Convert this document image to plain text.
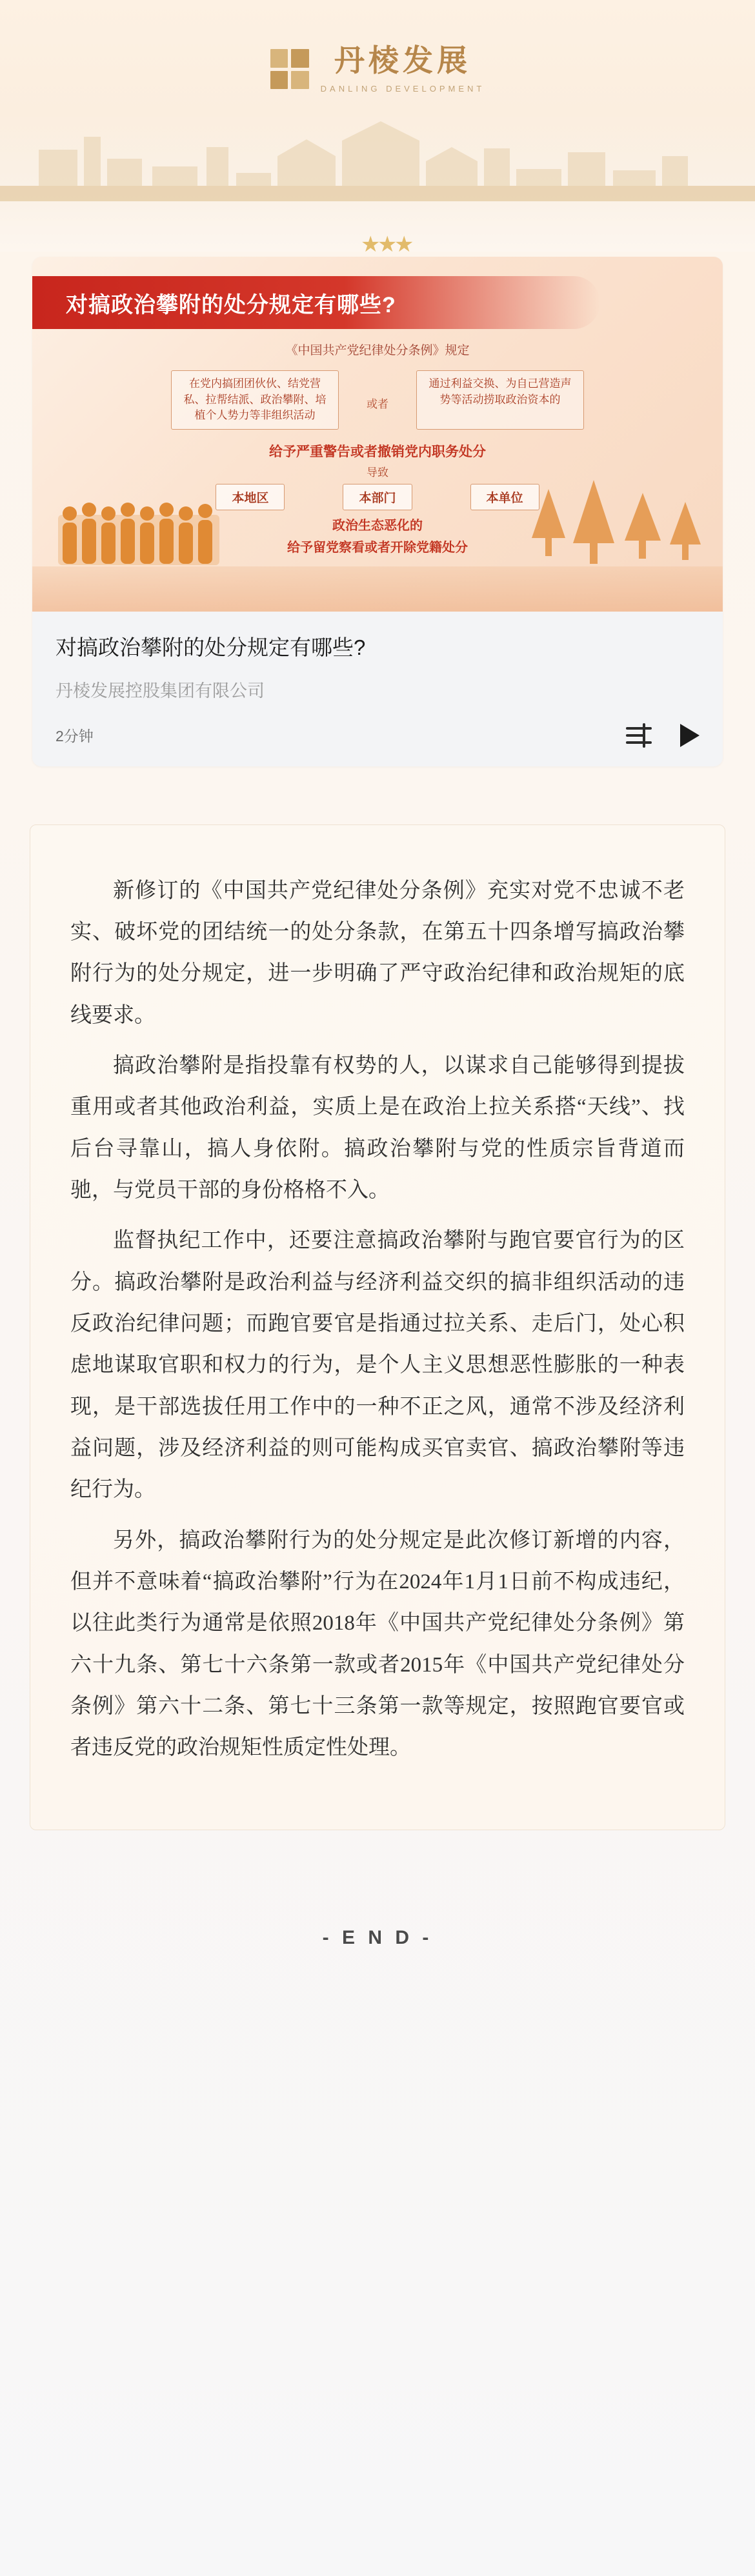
丹棱发展
DANLING DEVELOPMENT
★
★
★
对搞政治攀附的处分规定有哪些?
《中国共产党纪律处分条例》规定
在党内搞团团伙伙、结党营私、拉帮结派、政治攀附、培植个人势力等非组织活动
通过利益交换、为自己营造声势等活动捞取政治资本的
或者
给予严重警告或者撤销党内职务处分
导致
本地区	本部门	本单位
政治生态恶化的
给予留党察看或者开除党籍处分
对搞政治攀附的处分规定有哪些?
丹棱发展控股集团有限公司
2分钟

新修订的《中国共产党纪律处分条例》充实对党不忠诚不老实、破坏党的团结统一的处分条款，在第五十四条增写搞政治攀附行为的处分规定，进一步明确了严守政治纪律和政治规矩的底线要求。

搞政治攀附是指投靠有权势的人，以谋求自己能够得到提拔重用或者其他政治利益，实质上是在政治上拉关系搭“天线”、找后台寻靠山，搞人身依附。搞政治攀附与党的性质宗旨背道而驰，与党员干部的身份格格不入。

监督执纪工作中，还要注意搞政治攀附与跑官要官行为的区分。搞政治攀附是政治利益与经济利益交织的搞非组织活动的违反政治纪律问题；而跑官要官是指通过拉关系、走后门，处心积虑地谋取官职和权力的行为，是个人主义思想恶性膨胀的一种表现，是干部选拔任用工作中的一种不正之风，通常不涉及经济利益问题，涉及经济利益的则可能构成买官卖官、搞政治攀附等违纪行为。

另外，搞政治攀附行为的处分规定是此次修订新增的内容，但并不意味着“搞政治攀附”行为在2024年1月1日前不构成违纪，以往此类行为通常是依照2018年《中国共产党纪律处分条例》第六十九条、第七十六条第一款或者2015年《中国共产党纪律处分条例》第六十二条、第七十三条第一款等规定，按照跑官要官或者违反党的政治规矩性质定性处理。

- E N D -
